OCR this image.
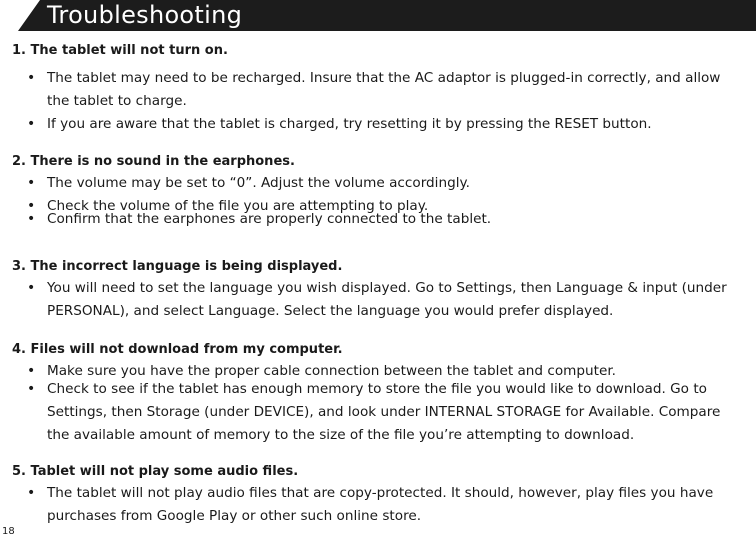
Troubleshooting
1. The tablet will not turn on.
• The tablet may need to be recharged. Insure that the AC adaptor is plugged-in correctly, and allow
the tablet to charge.
• If you are aware that the tablet is charged, try resetting it by pressing the RESET button.
2. There is no sound in the earphones.
• The volume may be set to “0”. Adjust the volume accordingly.
• Check the volume of the file you are attempting to play.
• Confirm that the earphones are properly connected to the tablet.
3. The incorrect language is being displayed.
• You will need to set the language you wish displayed. Go to Settings, then Language & input (under
PERSONAL), and select Language. Select the language you would prefer displayed.
4. Files will not download from my computer.
• Make sure you have the proper cable connection between the tablet and computer.
• Check to see if the tablet has enough memory to store the file you would like to download. Go to
Settings, then Storage (under DEVICE), and look under INTERNAL STORAGE for Available. Compare
the available amount of memory to the size of the file you’re attempting to download.
5. Tablet will not play some audio files.
• The tablet will not play audio files that are copy-protected. It should, however, play files you have
purchases from Google Play or other such online store.
18
